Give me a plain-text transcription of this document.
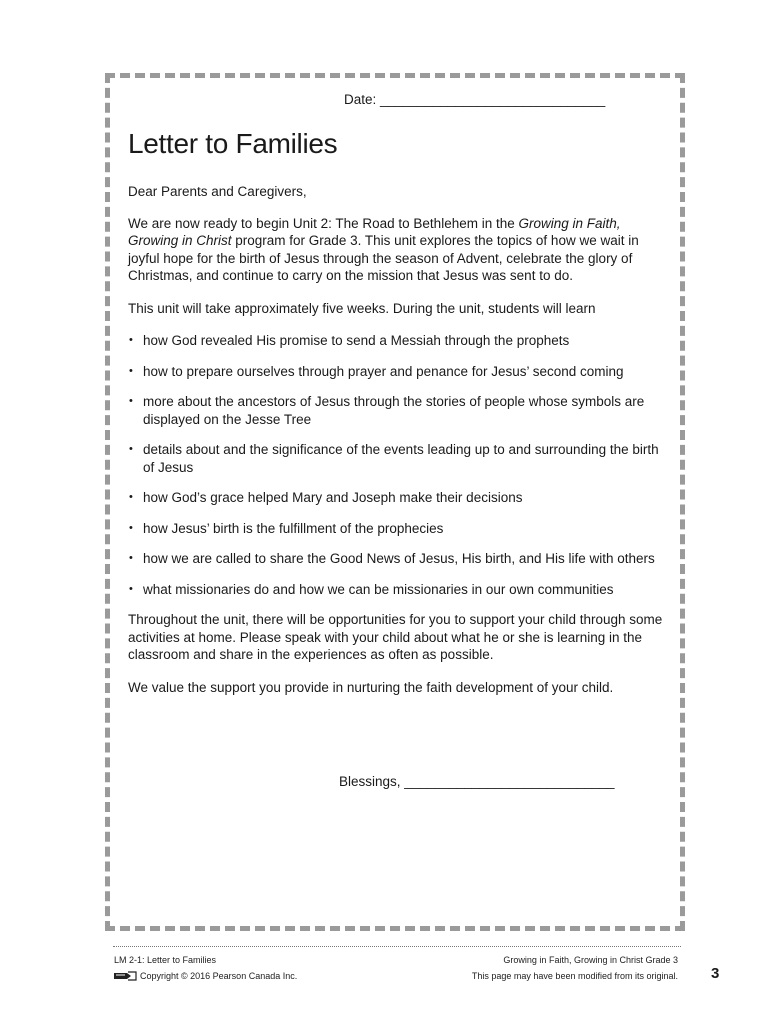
Date: ______________________________
Letter to Families

Dear Parents and Caregivers,

We are now ready to begin Unit 2: The Road to Bethlehem in the Growing in Faith, Growing in Christ program for Grade 3. This unit explores the topics of how we wait in joyful hope for the birth of Jesus through the season of Advent, celebrate the glory of Christmas, and continue to carry on the mission that Jesus was sent to do.

This unit will take approximately five weeks. During the unit, students will learn

• how God revealed His promise to send a Messiah through the prophets
• how to prepare ourselves through prayer and penance for Jesus’ second coming
• more about the ancestors of Jesus through the stories of people whose symbols are displayed on the Jesse Tree
• details about and the significance of the events leading up to and surrounding the birth of Jesus
• how God’s grace helped Mary and Joseph make their decisions
• how Jesus’ birth is the fulfillment of the prophecies
• how we are called to share the Good News of Jesus, His birth, and His life with others
• what missionaries do and how we can be missionaries in our own communities

Throughout the unit, there will be opportunities for you to support your child through some activities at home. Please speak with your child about what he or she is learning in the classroom and share in the experiences as often as possible.

We value the support you provide in nurturing the faith development of your child.

Blessings, ____________________________
LM 2-1: Letter to Families
Copyright © 2016 Pearson Canada Inc.
Growing in Faith, Growing in Christ Grade 3
This page may have been modified from its original. 3
